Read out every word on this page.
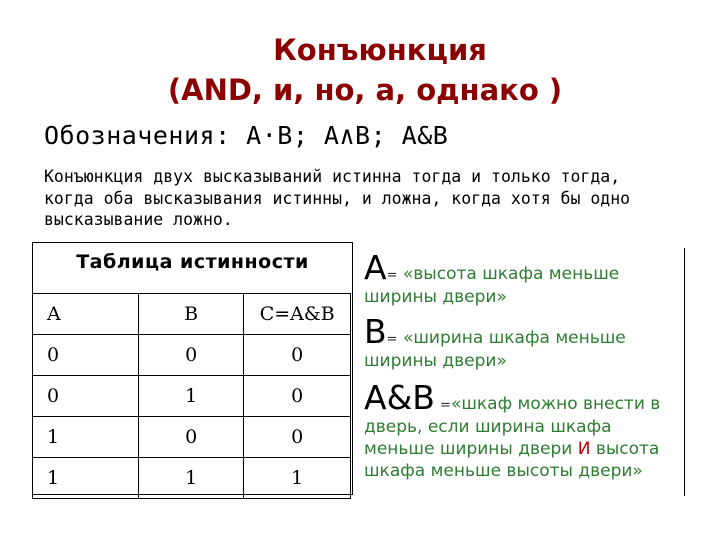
Конъюнкция
(AND, и, но, а, однако )
Обозначения: A·B; A∧B; A&B
Конъюнкция двух высказываний истинна тогда и только тогда, когда оба высказывания истинны, и ложна, когда хотя бы одно высказывание ложно.
Таблица истинности
A	B	C=A&B
0	0	0
0	1	0
1	0	0
1	1	1
A= «высота шкафа меньше ширины двери»
B= «ширина шкафа меньше ширины двери»
A&B =«шкаф можно внести в дверь, если ширина шкафа меньше ширины двери И высота шкафа меньше высоты двери»
